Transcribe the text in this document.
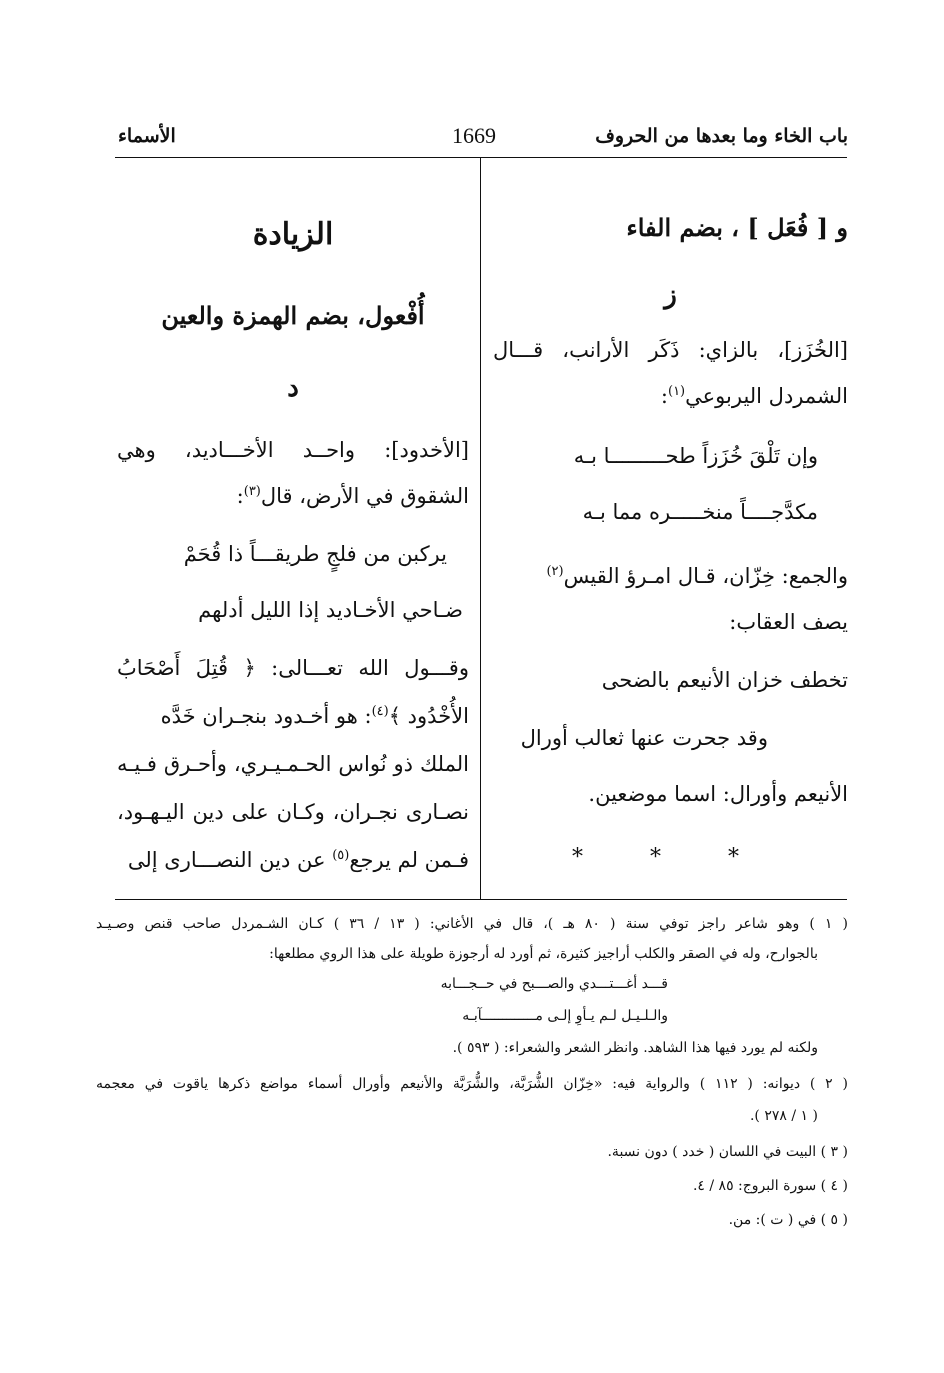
باب الخاء وما بعدها من الحروف
1669
الأسماء
و [ فُعَل ] ، بضم الفاء
ز
[الخُزَز]، بالزاي: ذَكَر الأرانب، قـــال
الشمردل اليربوعي$^{(١)}$:
وإن تَلْقَ خُزَزاً طحـــــــــا بـه
مكدَّجــــاً منخـــــره مما بـه
والجمع: خِزّان، قـال امـرؤ القيس$^{(٢)}$
يصف العقاب:
تخطف خزان الأنيعم بالضحى
وقد جحرت عنها ثعالب أورال
الأنيعم وأورال: اسما موضعين.
* * *
الزيادة
أُفْعول، بضم الهمزة والعين
د
[الأخدود]: واحــد الأخـــاديد، وهي
الشقوق في الأرض، قال$^{(٣)}$:
يركبن من فلجٍ طريقـــاً ذا قُحَمْ
ضـاحي الأخـاديد إذا الليل أدلهم
وقـــول الله تعـــالى: ﴿ قُتِلَ أَصْحَابُ
الأُخْدُود ﴾$^{(٤)}$: هو أخـدود بنجـران خَدَّه
الملك ذو نُواس الحـمـيـري، وأحـرق فـيـه
نصـارى نجـران، وكـان على دين اليـهـود،
فـمن لم يرجع$^{(٥)}$ عن دين النصـــارى إلى
( ١ ) وهو شاعر راجز توفي سنة ( ٨٠ هـ )، قال في الأغاني: ( ١٣ / ٣٦ ) كـان الشـمردل صاحب قنص وصـيـد
بالجوارح، وله في الصقر والكلب أراجيز كثيرة، ثم أورد له أرجوزة طويلة على هذا الروي مطلعها:
قـــد أغـــتـــدي والصـــبح في حــجـــابه
والـلـيـل لـم يـأوِ إلـى مـــــــــــــآبـه
ولكنه لم يورد فيها هذا الشاهد. وانظر الشعر والشعراء: ( ٥٩٣ ).
( ٢ ) ديوانه: ( ١١٢ ) والرواية فيه: «خِزّان الشُّرَبَّة، والشُّرَبَّة والأنيعم وأورال أسماء مواضع ذكرها ياقوت في معجمه
( ١ / ٢٧٨ ).
( ٣ ) البيت في اللسان ( خدد ) دون نسبة.
( ٤ ) سورة البروج: ٨٥ / ٤.
( ٥ ) في ( ت ): من.
